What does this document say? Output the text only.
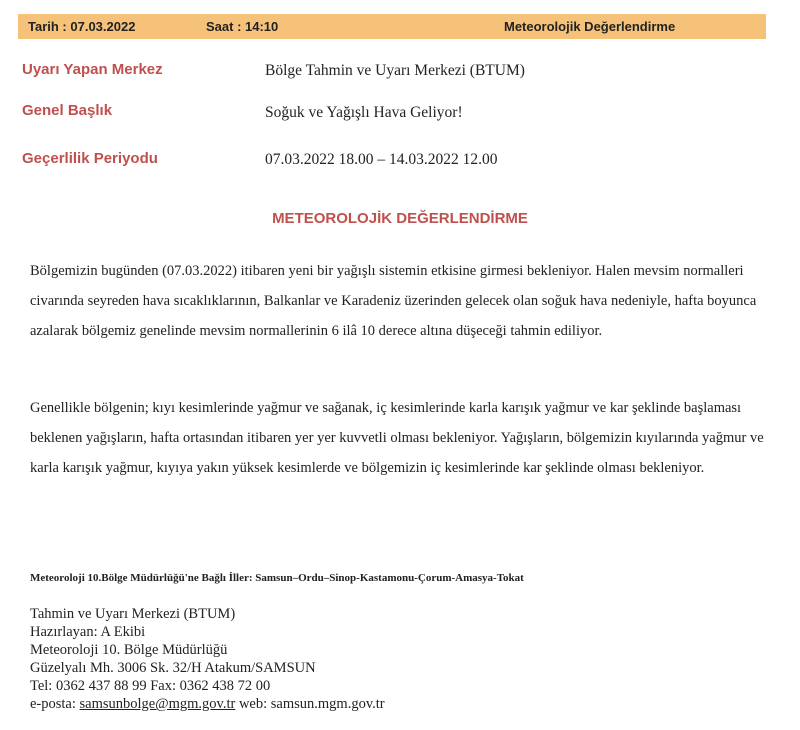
Tarih : 07.03.2022	Saat : 14:10	Meteorolojik Değerlendirme
Uyarı Yapan Merkez	Bölge Tahmin ve Uyarı Merkezi (BTUM)
Genel Başlık	Soğuk ve Yağışlı Hava Geliyor!
Geçerlilik Periyodu	07.03.2022 18.00 – 14.03.2022 12.00
METEOROLOJİK DEĞERLENDİRME

Bölgemizin bugünden (07.03.2022) itibaren yeni bir yağışlı sistemin etkisine girmesi bekleniyor. Halen mevsim normalleri civarında seyreden hava sıcaklıklarının, Balkanlar ve Karadeniz üzerinden gelecek olan soğuk hava nedeniyle, hafta boyunca azalarak bölgemiz genelinde mevsim normallerinin 6 ilâ 10 derece altına düşeceği tahmin ediliyor.

Genellikle bölgenin; kıyı kesimlerinde yağmur ve sağanak, iç kesimlerinde karla karışık yağmur ve kar şeklinde başlaması beklenen yağışların, hafta ortasından itibaren yer yer kuvvetli olması bekleniyor. Yağışların, bölgemizin kıyılarında yağmur ve karla karışık yağmur, kıyıya yakın yüksek kesimlerde ve bölgemizin iç kesimlerinde kar şeklinde olması bekleniyor.

Meteoroloji 10.Bölge Müdürlüğü'ne Bağlı İller: Samsun–Ordu–Sinop-Kastamonu-Çorum-Amasya-Tokat
Tahmin ve Uyarı Merkezi (BTUM)
Hazırlayan: A Ekibi
Meteoroloji 10. Bölge Müdürlüğü
Güzelyalı Mh. 3006 Sk. 32/H Atakum/SAMSUN
Tel: 0362 437 88 99 Fax: 0362 438 72 00
e-posta: samsunbolge@mgm.gov.tr web: samsun.mgm.gov.tr
